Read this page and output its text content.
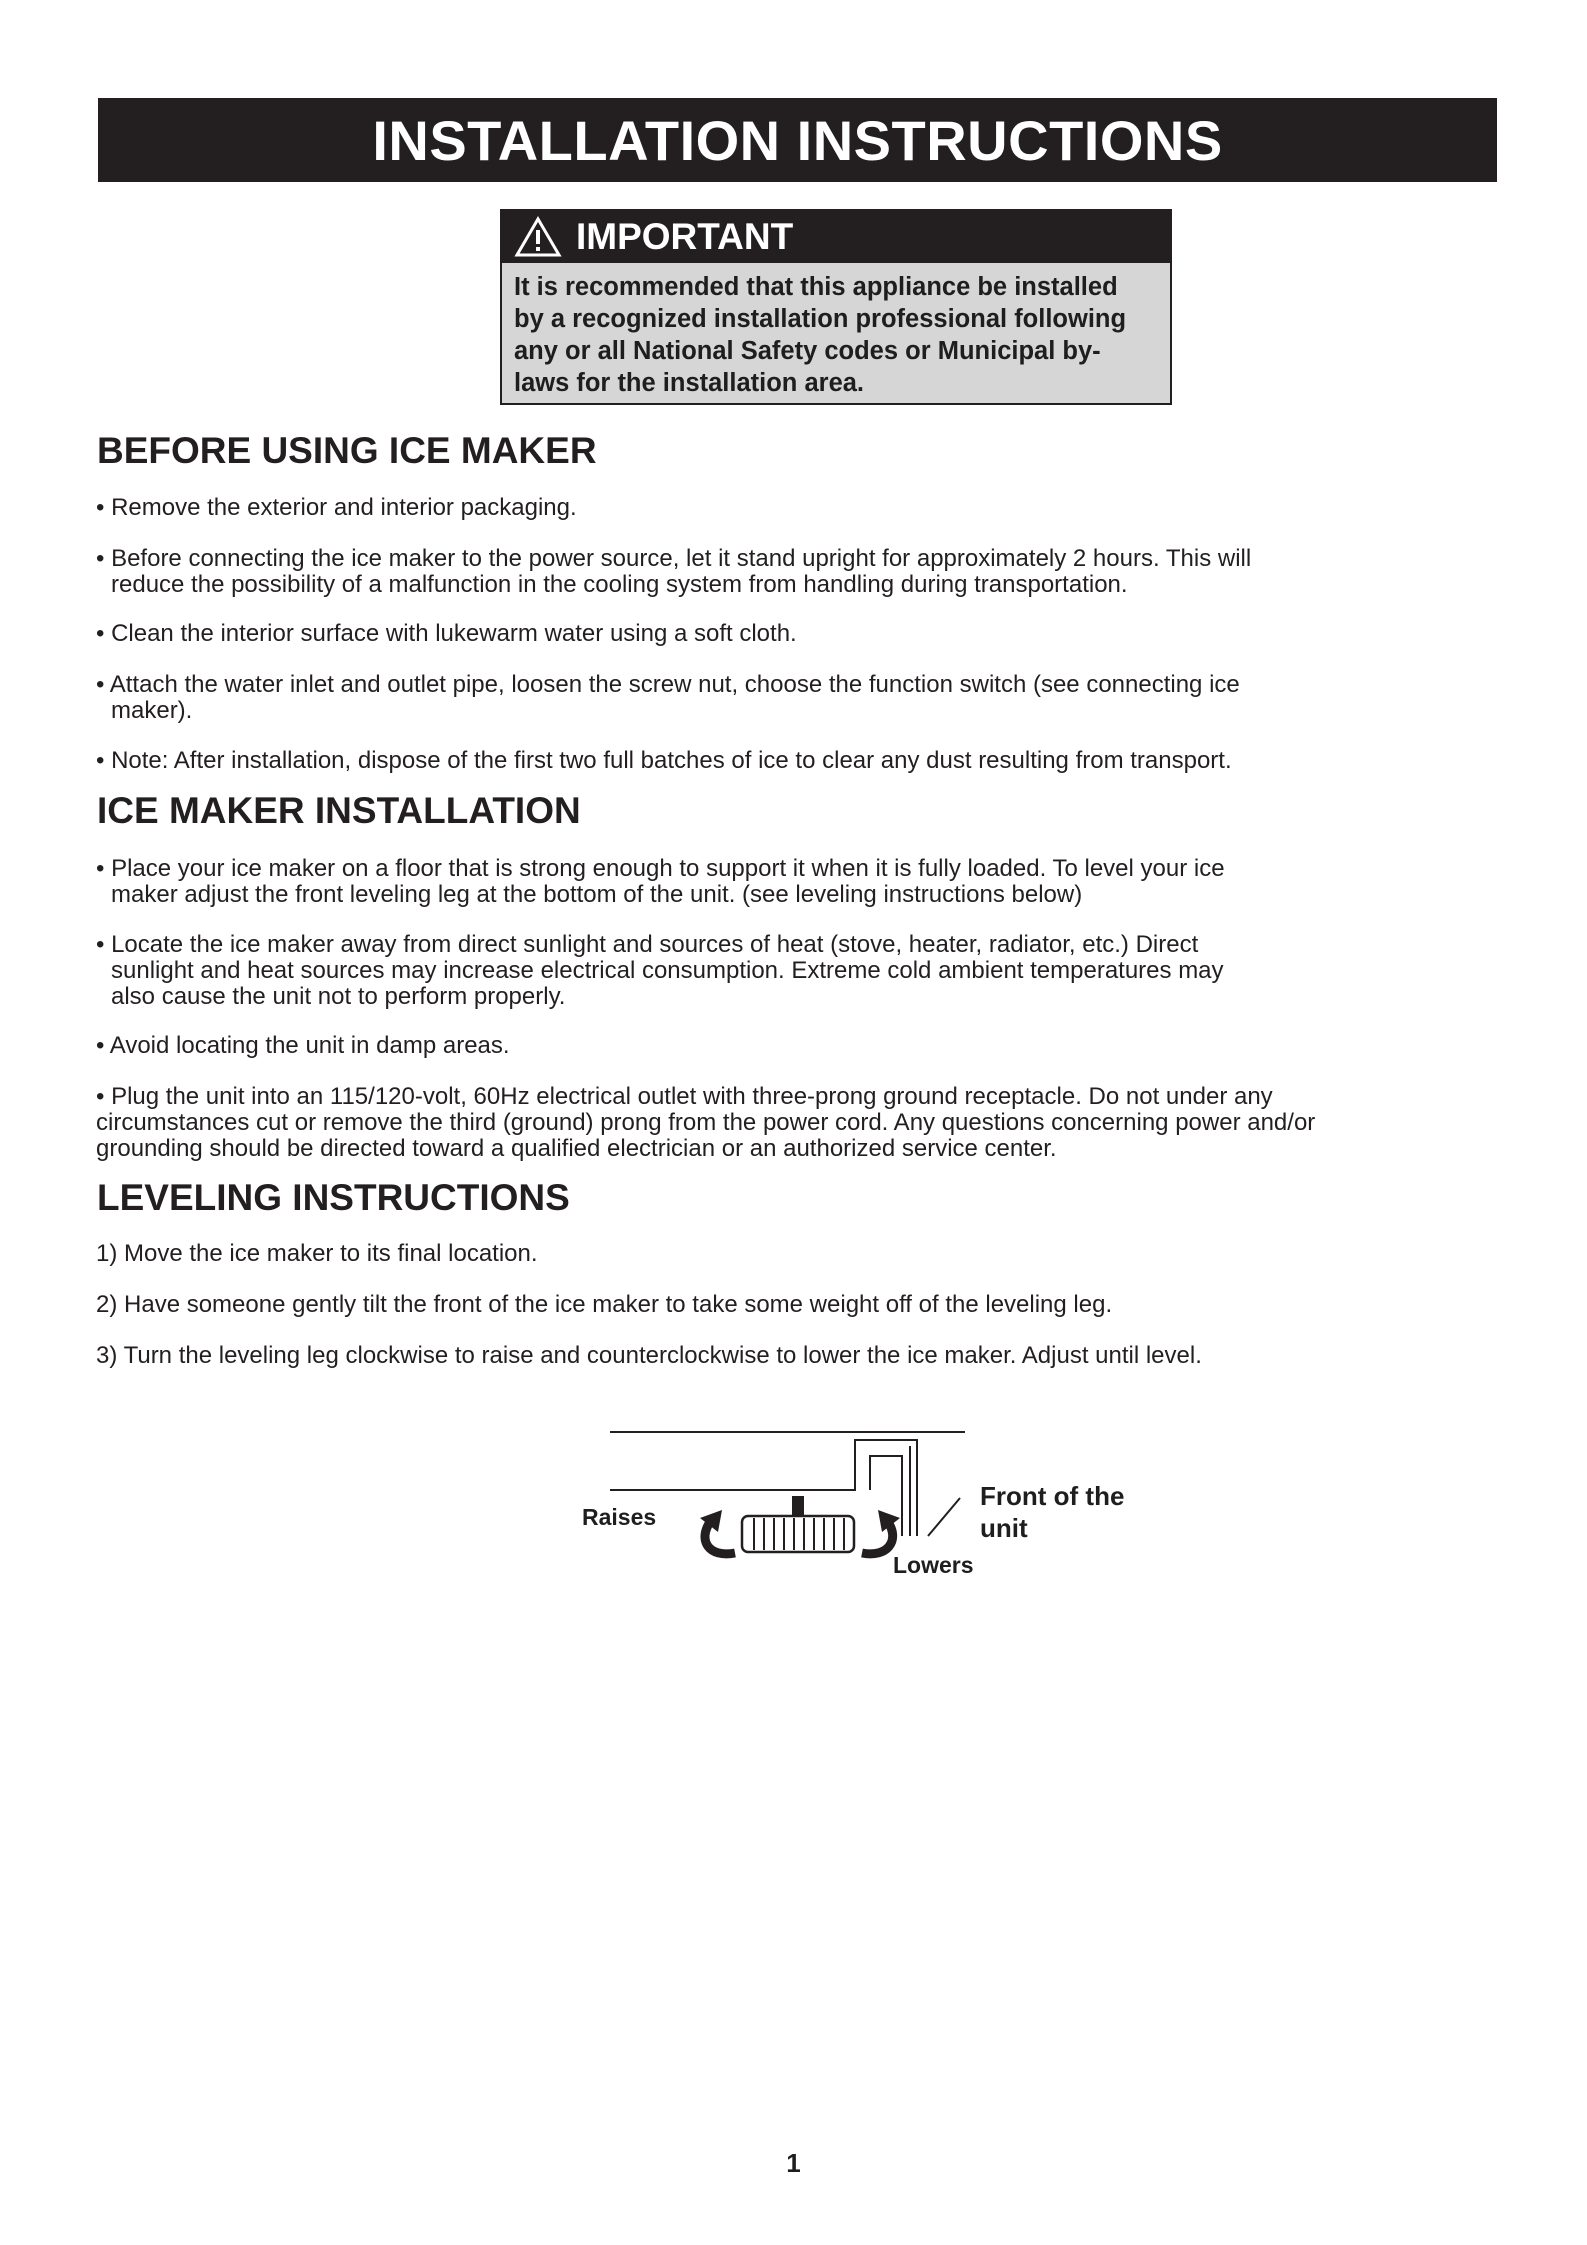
INSTALLATION INSTRUCTIONS
IMPORTANT
It is recommended that this appliance be installed
by a recognized installation professional following
any or all National Safety codes or Municipal by-
laws for the installation area.
BEFORE USING ICE MAKER
• Remove the exterior and interior packaging.
• Before connecting the ice maker to the power source, let it stand upright for approximately 2 hours. This will
reduce the possibility of a malfunction in the cooling system from handling during transportation.
• Clean the interior surface with lukewarm water using a soft cloth.
• Attach the water inlet and outlet pipe, loosen the screw nut, choose the function switch (see connecting ice
maker).
• Note: After installation, dispose of the first two full batches of ice to clear any dust resulting from transport.
ICE MAKER INSTALLATION
• Place your ice maker on a floor that is strong enough to support it when it is fully loaded. To level your ice
maker adjust the front leveling leg at the bottom of the unit. (see leveling instructions below)
• Locate the ice maker away from direct sunlight and sources of heat (stove, heater, radiator, etc.) Direct
sunlight and heat sources may increase electrical consumption. Extreme cold ambient temperatures may
also cause the unit not to perform properly.
• Avoid locating the unit in damp areas.
• Plug the unit into an 115/120-volt, 60Hz electrical outlet with three-prong ground receptacle. Do not under any
circumstances cut or remove the third (ground) prong from the power cord. Any questions concerning power and/or
grounding should be directed toward a qualified electrician or an authorized service center.
LEVELING INSTRUCTIONS
1) Move the ice maker to its final location.
2) Have someone gently tilt the front of the ice maker to take some weight off of the leveling leg.
3) Turn the leveling leg clockwise to raise and counterclockwise to lower the ice maker. Adjust until level.
Raises
Lowers
Front of the
unit
1
